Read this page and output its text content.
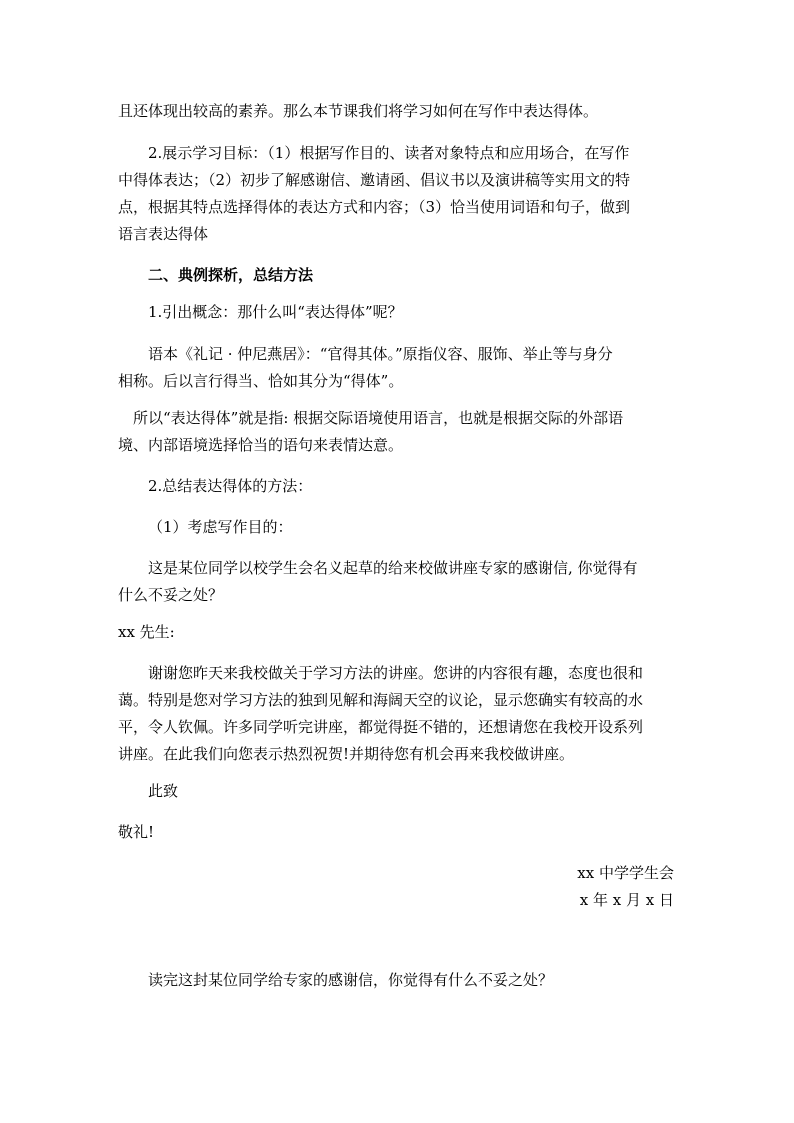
且还体现出较高的素养。那么本节课我们将学习如何在写作中表达得体。
2.展示学习目标：（1）根据写作目的、读者对象特点和应用场合，在写作
中得体表达；（2）初步了解感谢信、邀请函、倡议书以及演讲稿等实用文的特
点，根据其特点选择得体的表达方式和内容；（3）恰当使用词语和句子，做到
语言表达得体
二、典例探析，总结方法
1.引出概念：那什么叫“表达得体”呢？
语本《礼记 · 仲尼燕居》：“官得其体。”原指仪容、服饰、举止等与身分
相称。后以言行得当、恰如其分为“得体”。
所以“表达得体”就是指: 根据交际语境使用语言，也就是根据交际的外部语
境、内部语境选择恰当的语句来表情达意。
2.总结表达得体的方法：
（1）考虑写作目的：
这是某位同学以校学生会名义起草的给来校做讲座专家的感谢信, 你觉得有
什么不妥之处？
xx 先生:
谢谢您昨天来我校做关于学习方法的讲座。您讲的内容很有趣，态度也很和
蔼。特别是您对学习方法的独到见解和海阔天空的议论，显示您确实有较高的水
平，令人钦佩。许多同学听完讲座，都觉得挺不错的，还想请您在我校开设系列
讲座。在此我们向您表示热烈祝贺!并期待您有机会再来我校做讲座。
此致
敬礼!
xx 中学学生会
x 年 x 月 x 日
读完这封某位同学给专家的感谢信，你觉得有什么不妥之处？
